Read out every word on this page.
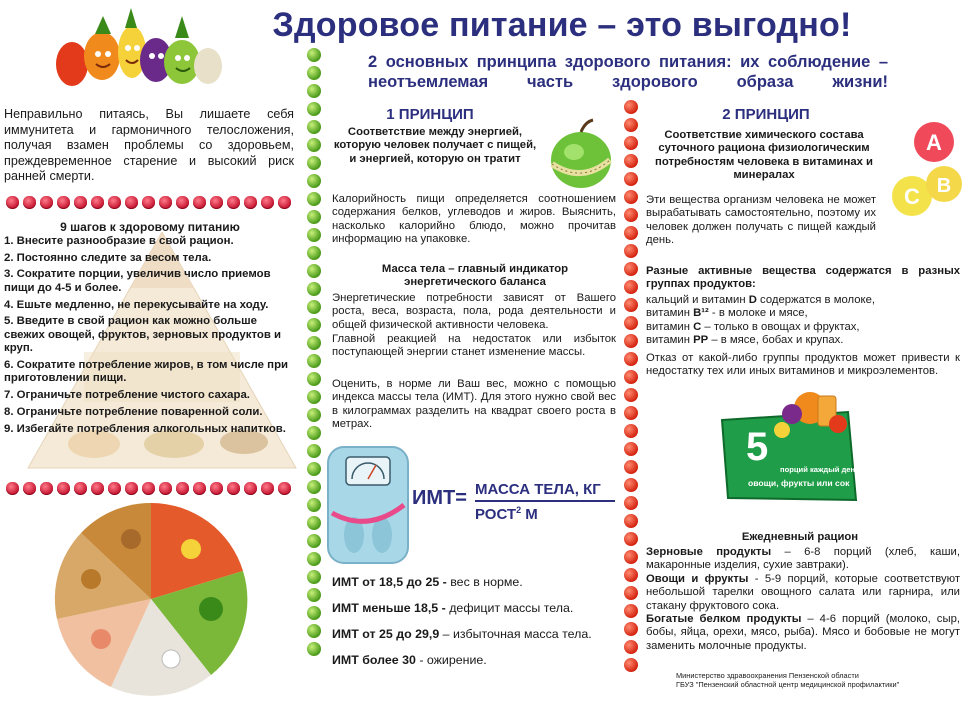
Здоровое питание – это выгодно!
Неправильно питаясь, Вы лишаете себя иммунитета и гармоничного телосложения, получая взамен проблемы со здоровьем, преждевременное старение и высокий риск ранней смерти.
9 шагов к здоровому питанию
1. Внесите разнообразие в свой рацион.
2. Постоянно следите за весом тела.
3. Сократите порции, увеличив число приемов пищи до 4-5 и более.
4. Ешьте медленно, не перекусывайте на ходу.
5. Введите в свой рацион как можно больше свежих овощей, фруктов, зерновых продуктов и круп.
6. Сократите потребление жиров, в том числе при приготовлении пищи.
7. Ограничьте потребление чистого сахара.
8. Ограничьте потребление поваренной соли.
9. Избегайте потребления алкогольных напитков.
2 основных принципа здорового питания: их соблюдение – неотъемлемая часть здорового образа жизни!
1 ПРИНЦИП
Соответствие между энергией, которую человек получает с пищей, и энергией, которую он тратит
Калорийность пищи определяется соотношением содержания белков, углеводов и жиров. Выяснить, насколько калорийно блюдо, можно прочитав информацию на упаковке.
Масса тела – главный индикатор энергетического баланса
Энергетические потребности зависят от Вашего роста, веса, возраста, пола, рода деятельности и общей физической активности человека.
Главной реакцией на недостаток или избыток поступающей энергии станет изменение массы.
Оценить, в норме ли Ваш вес, можно с помощью индекса массы тела (ИМТ). Для этого нужно свой вес в килограммах разделить на квадрат своего роста в метрах.
ИМТ= МАССА ТЕЛА, КГ
РОСТ$^2$ М
ИМТ от 18,5 до 25 - вес в норме.
ИМТ меньше 18,5 - дефицит массы тела.
ИМТ от 25 до 29,9 – избыточная масса тела.
ИМТ более 30 - ожирение.
2 ПРИНЦИП
Соответствие химического состава суточного рациона физиологическим потребностям человека в витаминах и минералах
A
C B
Эти вещества организм человека не может вырабатывать самостоятельно, поэтому их человек должен получать с пищей каждый день.
Разные активные вещества содержатся в разных группах продуктов:
кальций и витамин D содержатся в молоке,
витамин В¹² - в молоке и мясе,
витамин С – только в овощах и фруктах,
витамин РР – в мясе, бобах и крупах.
Отказ от какой-либо группы продуктов может привести к недостатку тех или иных витаминов и микроэлементов.
5
порций каждый день
овощи, фрукты или сок
Ежедневный рацион
Зерновые продукты – 6-8 порций (хлеб, каши, макаронные изделия, сухие завтраки).
Овощи и фрукты - 5-9 порций, которые соответствуют небольшой тарелки овощного салата или гарнира, или стакану фруктового сока.
Богатые белком продукты – 4-6 порций (молоко, сыр, бобы, яйца, орехи, мясо, рыба). Мясо и бобовые не могут заменить молочные продукты.
Министерство здравоохранения Пензенской области
ГБУЗ "Пензенский областной центр медицинской профилактики"
